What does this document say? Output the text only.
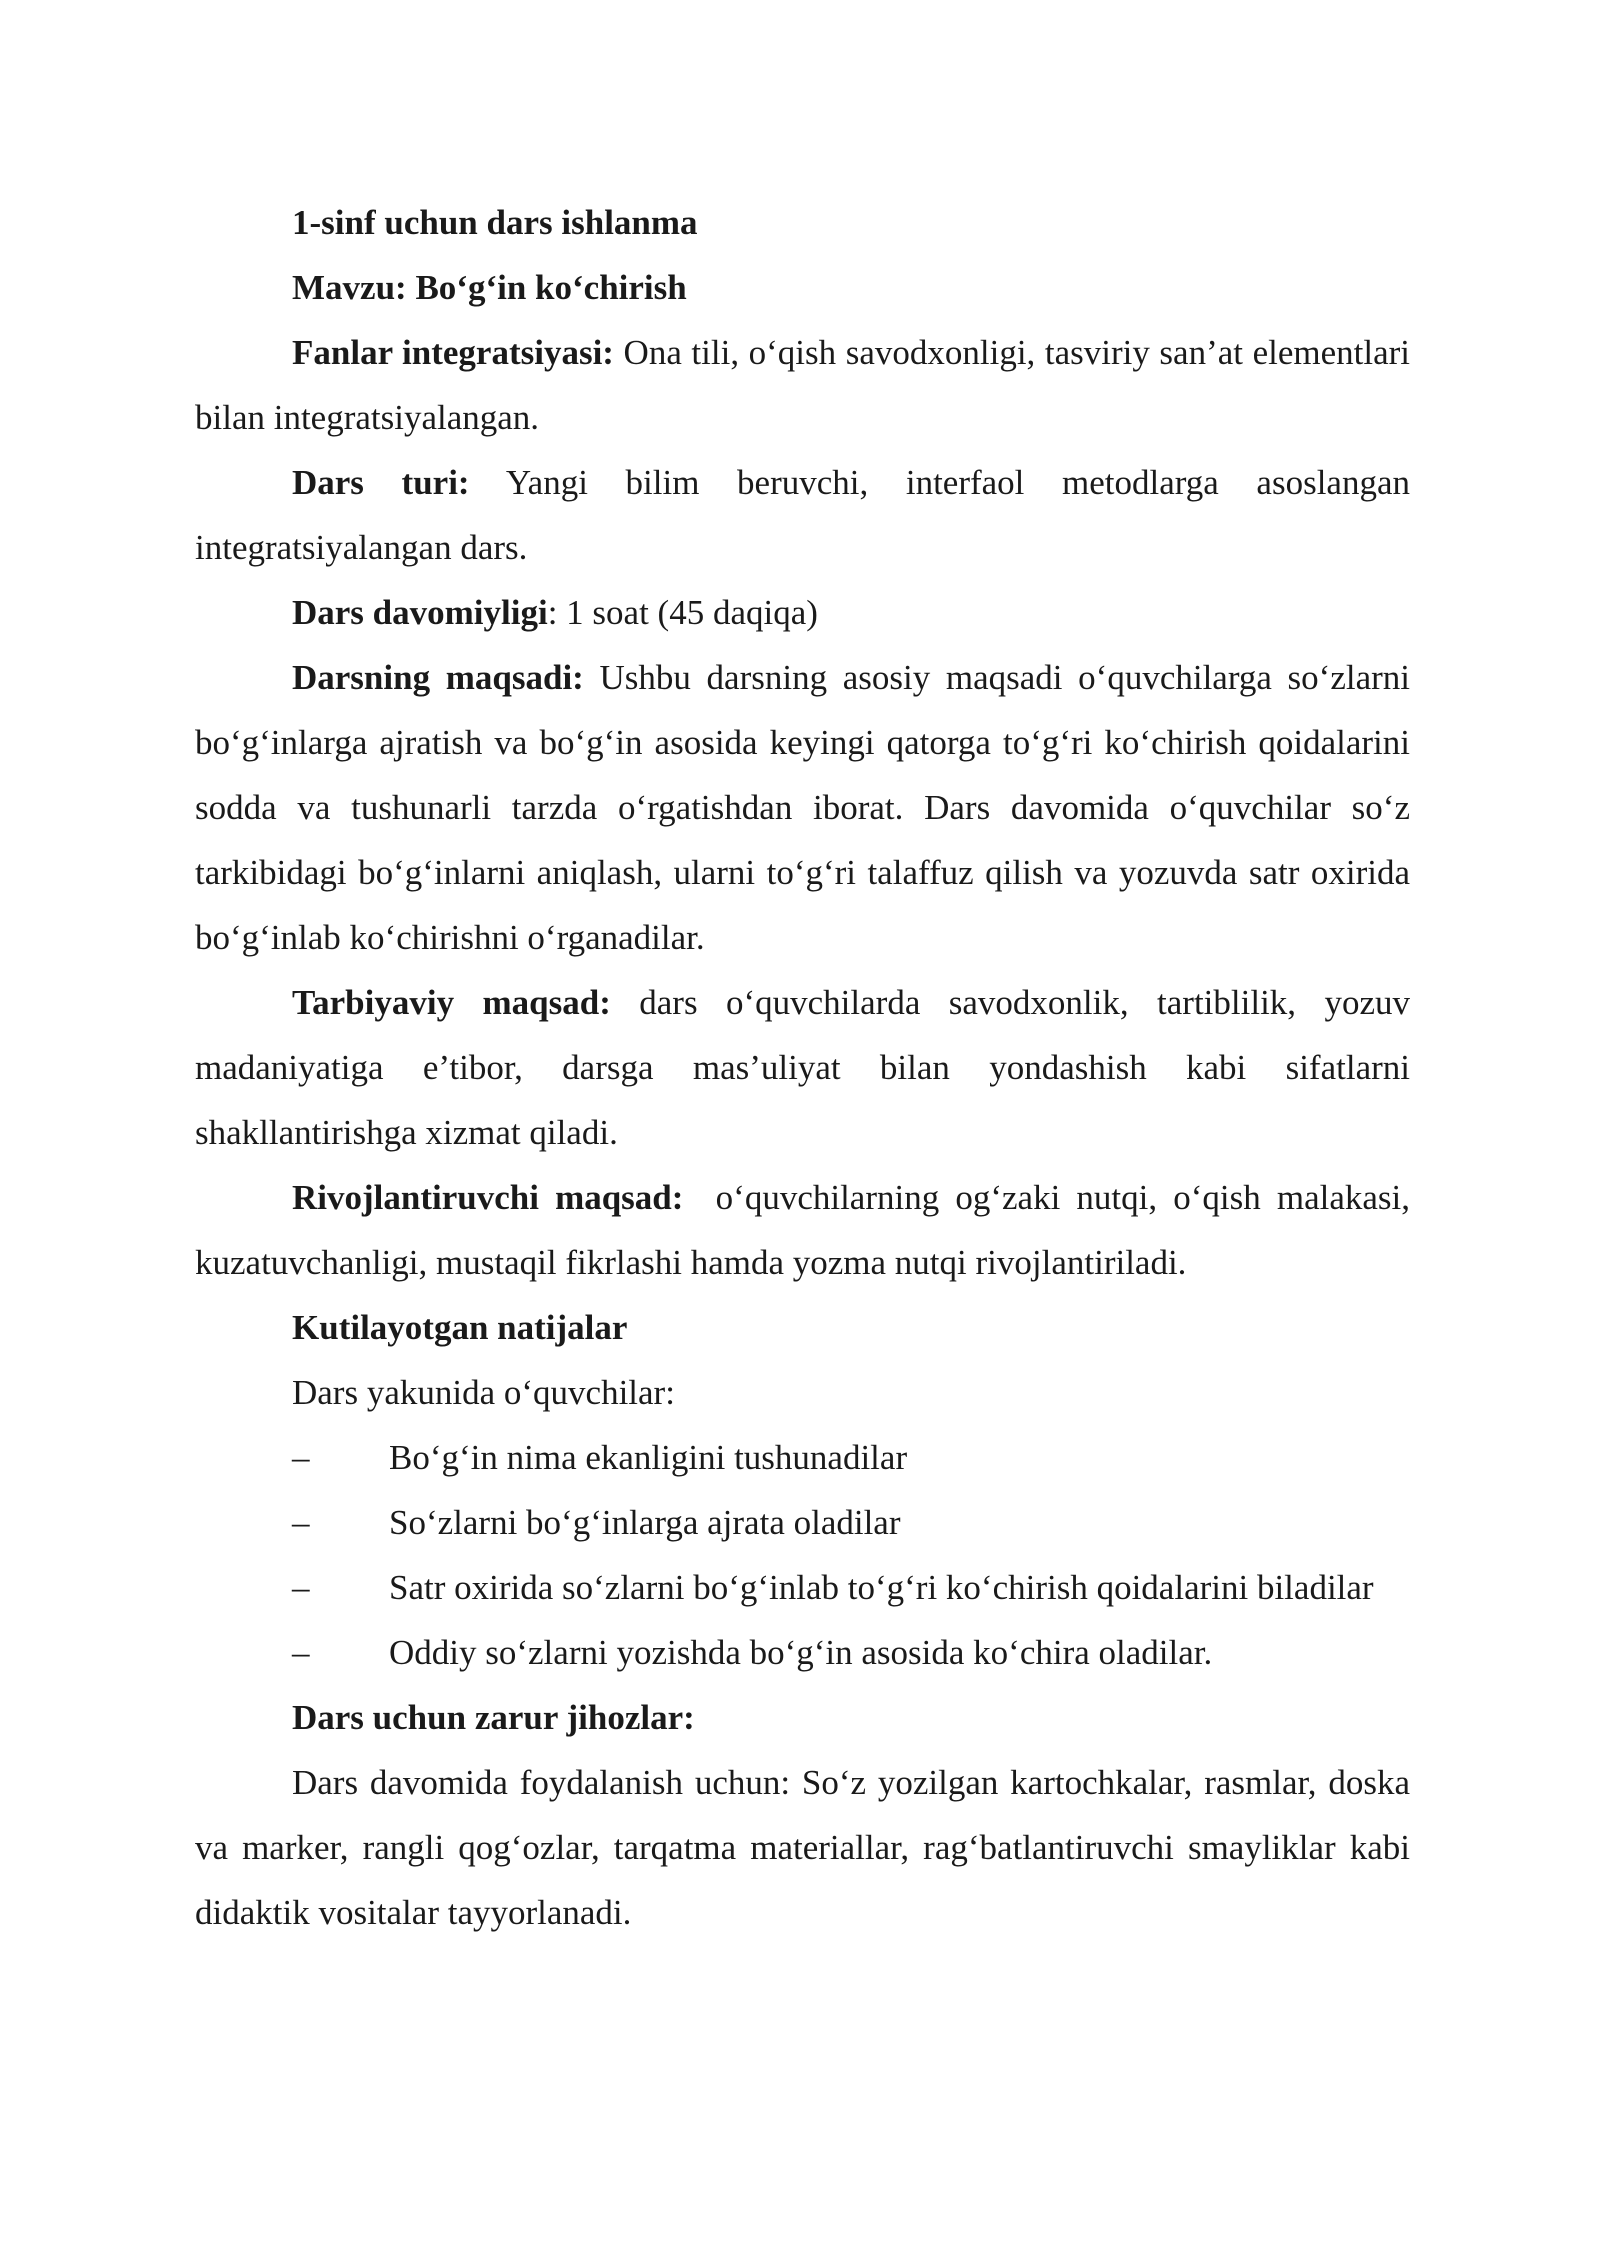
1-sinf uchun dars ishlanma

Mavzu: Bo‘g‘in ko‘chirish

Fanlar integratsiyasi: Ona tili, o‘qish savodxonligi, tasviriy san’at elementlari bilan integratsiyalangan.

Dars turi: Yangi bilim beruvchi, interfaol metodlarga asoslangan integratsiyalangan dars.

Dars davomiyligi: 1 soat (45 daqiqa)

Darsning maqsadi: Ushbu darsning asosiy maqsadi o‘quvchilarga so‘zlarni bo‘g‘inlarga ajratish va bo‘g‘in asosida keyingi qatorga to‘g‘ri ko‘chirish qoidalarini sodda va tushunarli tarzda o‘rgatishdan iborat. Dars davomida o‘quvchilar so‘z tarkibidagi bo‘g‘inlarni aniqlash, ularni to‘g‘ri talaffuz qilish va yozuvda satr oxirida bo‘g‘inlab ko‘chirishni o‘rganadilar.

Tarbiyaviy maqsad: dars o‘quvchilarda savodxonlik, tartiblilik, yozuv madaniyatiga e’tibor, darsga mas’uliyat bilan yondashish kabi sifatlarni shakllantirishga xizmat qiladi.

Rivojlantiruvchi maqsad:  o‘quvchilarning og‘zaki nutqi, o‘qish malakasi, kuzatuvchanligi, mustaqil fikrlashi hamda yozma nutqi rivojlantiriladi.

Kutilayotgan natijalar

Dars yakunida o‘quvchilar:

– Bo‘g‘in nima ekanligini tushunadilar

– So‘zlarni bo‘g‘inlarga ajrata oladilar

– Satr oxirida so‘zlarni bo‘g‘inlab to‘g‘ri ko‘chirish qoidalarini biladilar

– Oddiy so‘zlarni yozishda bo‘g‘in asosida ko‘chira oladilar.

Dars uchun zarur jihozlar:

Dars davomida foydalanish uchun: So‘z yozilgan kartochkalar, rasmlar, doska va marker, rangli qog‘ozlar, tarqatma materiallar, rag‘batlantiruvchi smayliklar kabi didaktik vositalar tayyorlanadi.
